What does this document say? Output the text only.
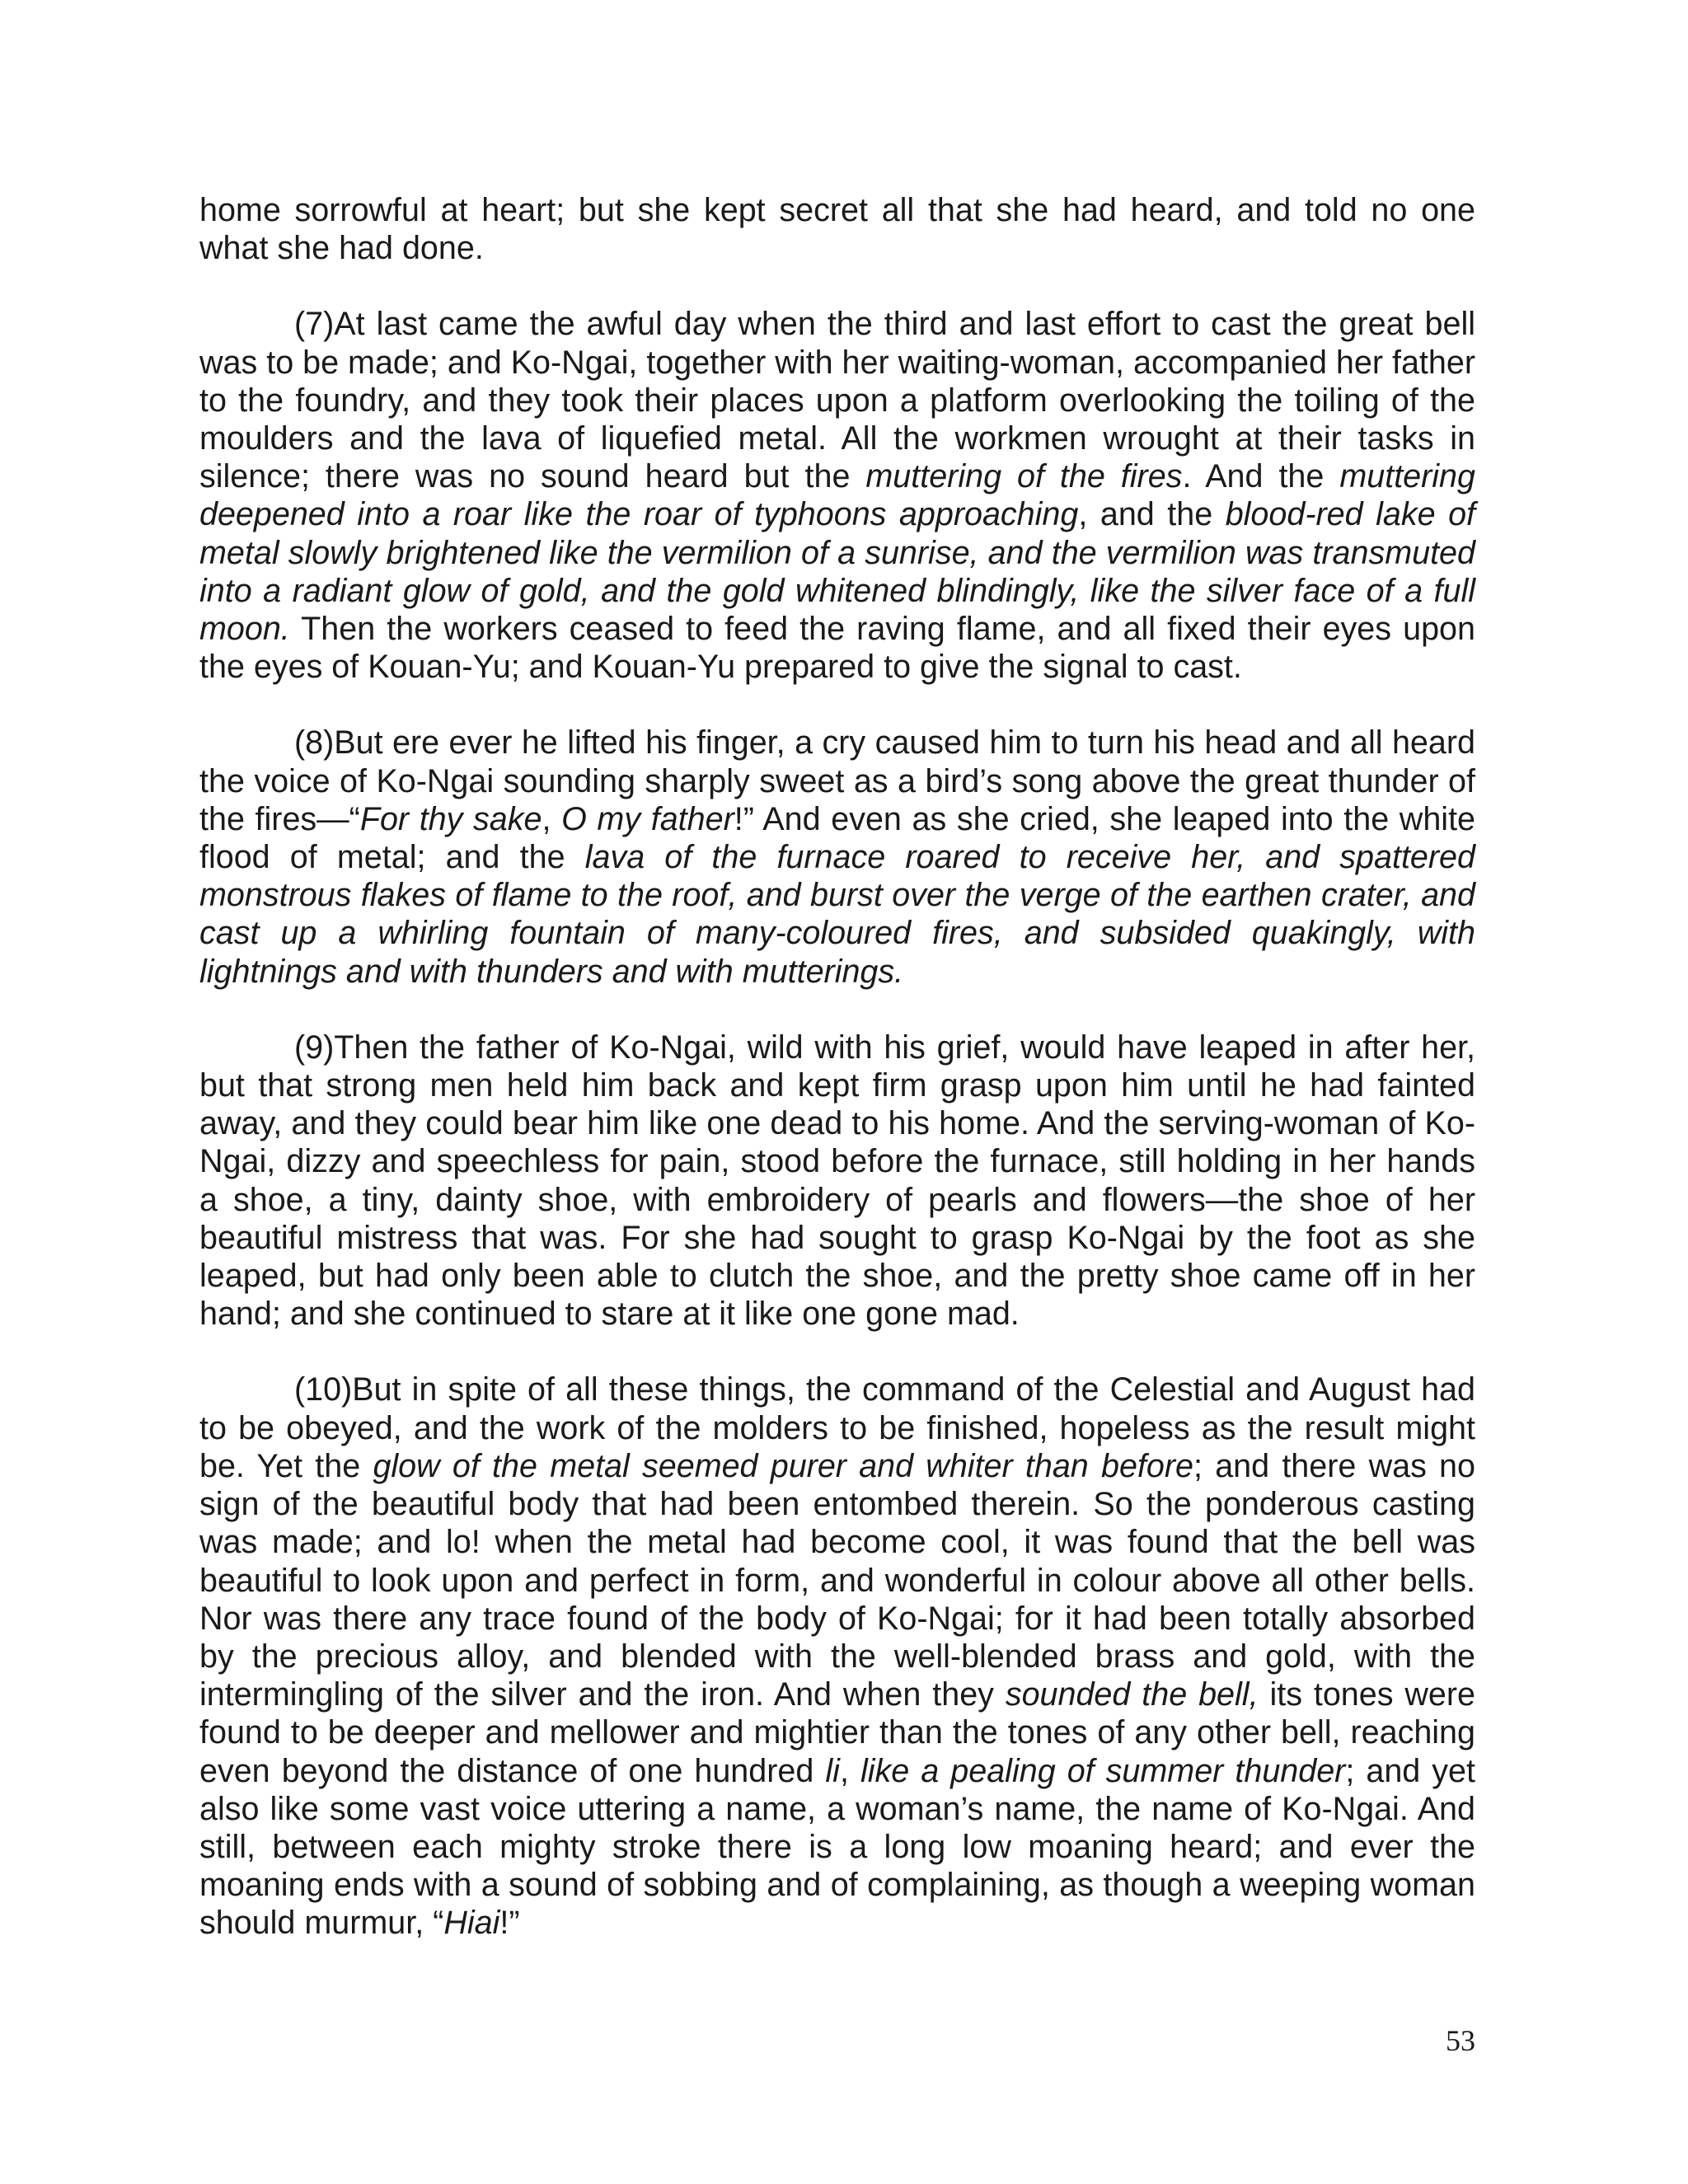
home sorrowful at heart; but she kept secret all that she had heard, and told no one what she had done.

(7)At last came the awful day when the third and last effort to cast the great bell was to be made; and Ko-Ngai, together with her waiting-woman, accompanied her father to the foundry, and they took their places upon a platform overlooking the toiling of the moulders and the lava of liquefied metal. All the workmen wrought at their tasks in silence; there was no sound heard but the muttering of the fires. And the muttering deepened into a roar like the roar of typhoons approaching, and the blood-red lake of metal slowly brightened like the vermilion of a sunrise, and the vermilion was transmuted into a radiant glow of gold, and the gold whitened blindingly, like the silver face of a full moon. Then the workers ceased to feed the raving flame, and all fixed their eyes upon the eyes of Kouan-Yu; and Kouan-Yu prepared to give the signal to cast.

(8)But ere ever he lifted his finger, a cry caused him to turn his head and all heard the voice of Ko-Ngai sounding sharply sweet as a bird’s song above the great thunder of the fires—“For thy sake, O my father!” And even as she cried, she leaped into the white flood of metal; and the lava of the furnace roared to receive her, and spattered monstrous flakes of flame to the roof, and burst over the verge of the earthen crater, and cast up a whirling fountain of many-coloured fires, and subsided quakingly, with lightnings and with thunders and with mutterings.

(9)Then the father of Ko-Ngai, wild with his grief, would have leaped in after her, but that strong men held him back and kept firm grasp upon him until he had fainted away, and they could bear him like one dead to his home. And the serving-woman of Ko-Ngai, dizzy and speechless for pain, stood before the furnace, still holding in her hands a shoe, a tiny, dainty shoe, with embroidery of pearls and flowers—the shoe of her beautiful mistress that was. For she had sought to grasp Ko-Ngai by the foot as she leaped, but had only been able to clutch the shoe, and the pretty shoe came off in her hand; and she continued to stare at it like one gone mad.

(10)But in spite of all these things, the command of the Celestial and August had to be obeyed, and the work of the molders to be finished, hopeless as the result might be. Yet the glow of the metal seemed purer and whiter than before; and there was no sign of the beautiful body that had been entombed therein. So the ponderous casting was made; and lo! when the metal had become cool, it was found that the bell was beautiful to look upon and perfect in form, and wonderful in colour above all other bells. Nor was there any trace found of the body of Ko-Ngai; for it had been totally absorbed by the precious alloy, and blended with the well-blended brass and gold, with the intermingling of the silver and the iron. And when they sounded the bell, its tones were found to be deeper and mellower and mightier than the tones of any other bell, reaching even beyond the distance of one hundred li, like a pealing of summer thunder; and yet also like some vast voice uttering a name, a woman’s name, the name of Ko-Ngai. And still, between each mighty stroke there is a long low moaning heard; and ever the moaning ends with a sound of sobbing and of complaining, as though a weeping woman should murmur, “Hiai!”

53
